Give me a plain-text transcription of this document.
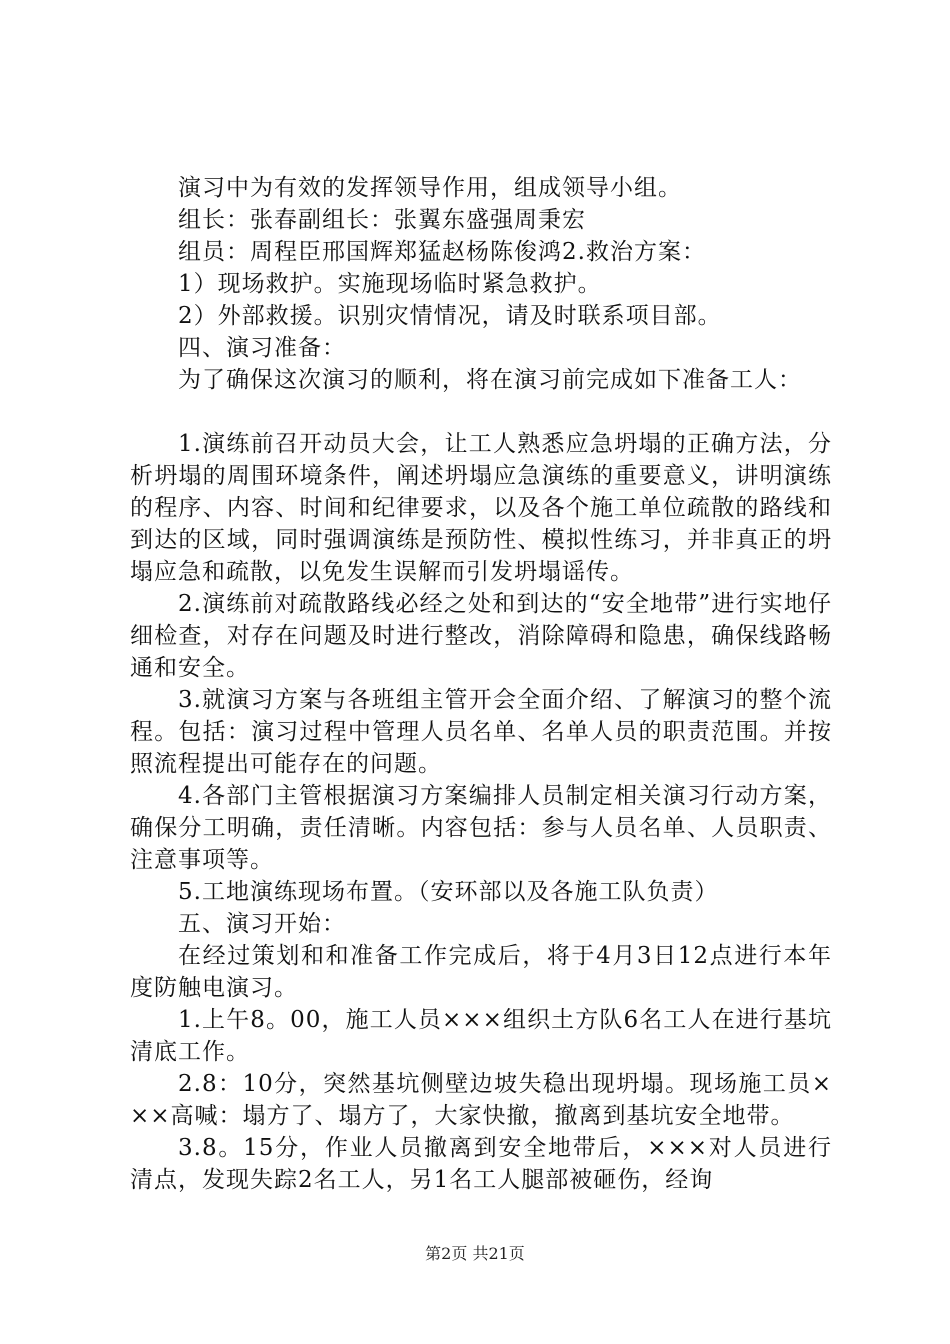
演习中为有效的发挥领导作用，组成领导小组。

组长：张春副组长：张翼东盛强周秉宏

组员：周程臣邢国辉郑猛赵杨陈俊鸿2.救治方案：

1）现场救护。实施现场临时紧急救护。

2）外部救援。识别灾情情况，请及时联系项目部。

四、演习准备：

为了确保这次演习的顺利，将在演习前完成如下准备工人：

1.演练前召开动员大会，让工人熟悉应急坍塌的正确方法，分析坍塌的周围环境条件，阐述坍塌应急演练的重要意义，讲明演练的程序、内容、时间和纪律要求，以及各个施工单位疏散的路线和到达的区域，同时强调演练是预防性、模拟性练习，并非真正的坍塌应急和疏散，以免发生误解而引发坍塌谣传。

2.演练前对疏散路线必经之处和到达的“安全地带”进行实地仔细检查，对存在问题及时进行整改，消除障碍和隐患，确保线路畅通和安全。

3.就演习方案与各班组主管开会全面介绍、了解演习的整个流程。包括：演习过程中管理人员名单、名单人员的职责范围。并按照流程提出可能存在的问题。

4.各部门主管根据演习方案编排人员制定相关演习行动方案，确保分工明确，责任清晰。内容包括：参与人员名单、人员职责、注意事项等。

5.工地演练现场布置。（安环部以及各施工队负责）

五、演习开始：

在经过策划和和准备工作完成后，将于4月3日12点进行本年度防触电演习。

1.上午8。00，施工人员×××组织土方队6名工人在进行基坑清底工作。

2.8：10分，突然基坑侧壁边坡失稳出现坍塌。现场施工员×××高喊：塌方了、塌方了，大家快撤，撤离到基坑安全地带。

3.8。15分，作业人员撤离到安全地带后，×××对人员进行清点，发现失踪2名工人，另1名工人腿部被砸伤，经询

第2页 共21页
